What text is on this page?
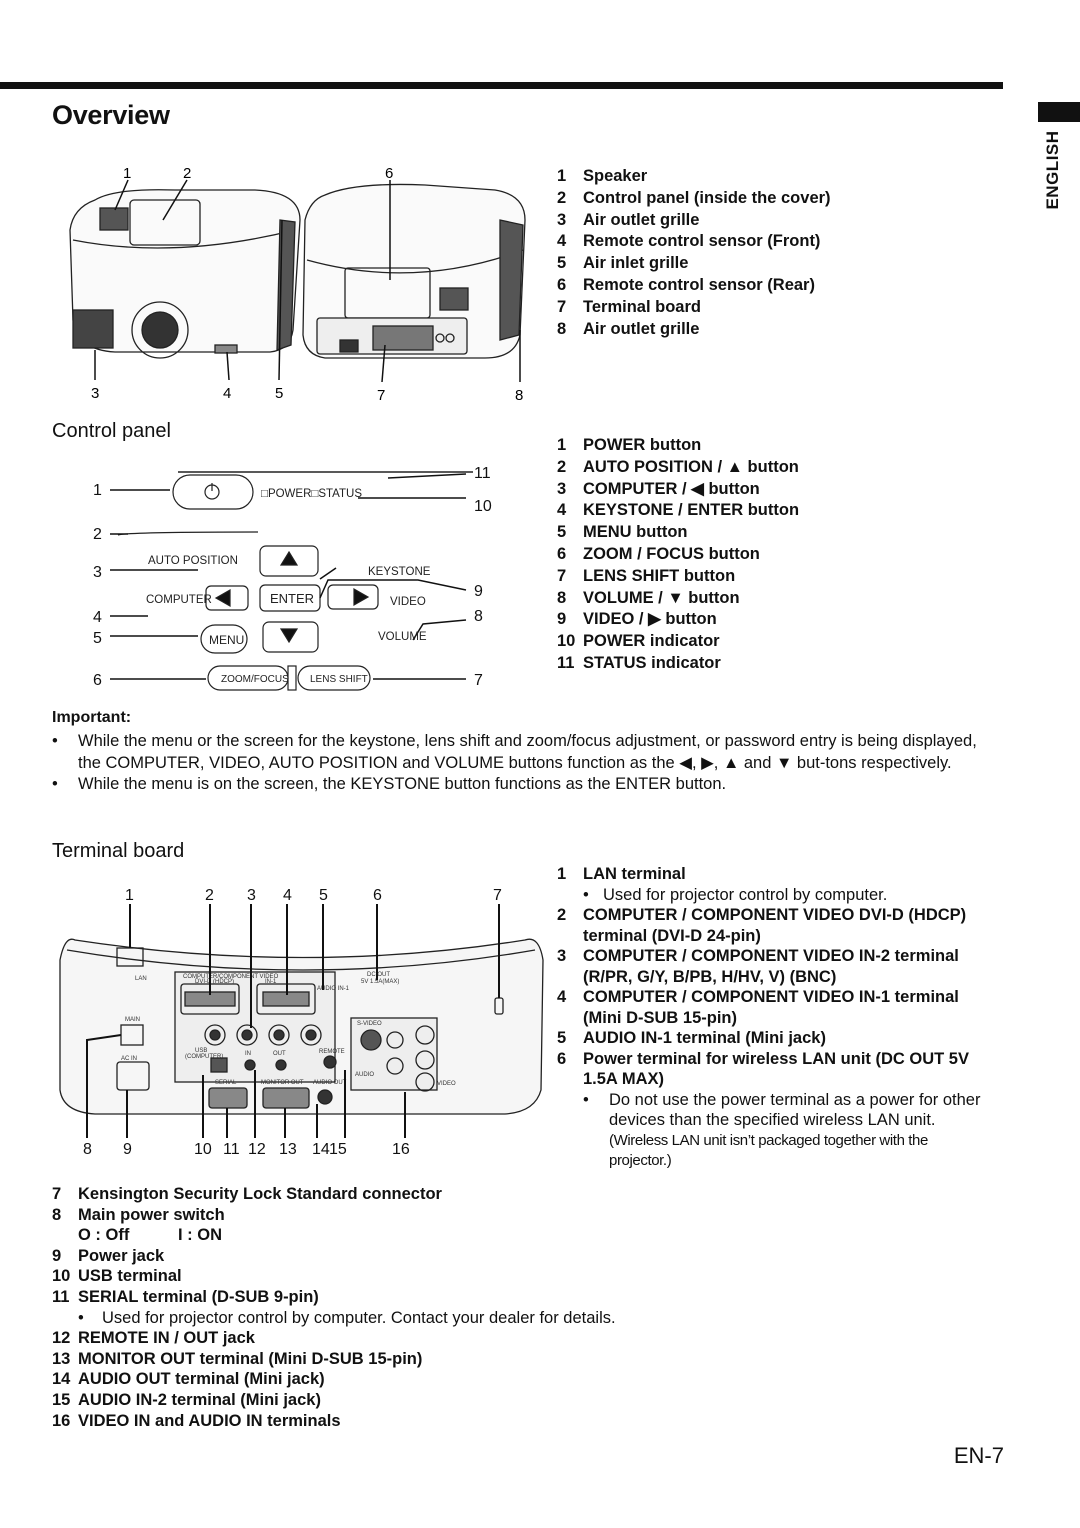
ENGLISH
Overview
1	2	6
3	4	5	7	8
1	Speaker
2	Control panel (inside the cover)
3	Air outlet grille
4	Remote control sensor (Front)
5	Air inlet grille
6	Remote control sensor (Rear)
7	Terminal board
8	Air outlet grille
Control panel
□POWER□STATUS
AUTO POSITION
KEYSTONE
COMPUTER	ENTER	VIDEO
MENU	VOLUME
ZOOM/FOCUS LENS SHIFT
1
2
3
4
5
6	7
8
9
10
11
1	POWER button
2	AUTO POSITION / ▲ button
3	COMPUTER / ◀ button
4	KEYSTONE / ENTER button
5	MENU button
6	ZOOM / FOCUS button
7	LENS SHIFT button
8	VOLUME / ▼ button
9	VIDEO / ▶ button
10 POWER indicator
11 STATUS indicator
Important:
•	While the menu or the screen for the keystone, lens shift and zoom/focus adjustment, or password entry is being displayed, the COMPUTER, VIDEO, AUTO POSITION and VOLUME buttons function as the ◀, ▶, ▲ and ▼ but-tons respectively.
•	While the menu is on the screen, the KEYSTONE button functions as the ENTER button.
Terminal board
1	2 3 4 5	6	7
8 9	10 11 12 13 14 15	16
LAN
MAIN
AC IN
COMPUTER/COMPONENT VIDEO
DVI-D (HDCP)	IN-1
AUDIO IN-1
DC OUT
5V 1.5A(MAX)
USB
(COMPUTER)	IN	OUT	REMOTE
SERIAL	MONITOR OUT AUDIO OUT
AUDIO
S-VIDEO
VIDEO
1	LAN terminal
• Used for projector control by computer.
2	COMPUTER / COMPONENT VIDEO DVI-D (HDCP) terminal (DVI-D 24-pin)
3	COMPUTER / COMPONENT VIDEO IN-2 terminal (R/PR, G/Y, B/PB, H/HV, V) (BNC)
4	COMPUTER / COMPONENT VIDEO IN-1 terminal (Mini D-SUB 15-pin)
5	AUDIO IN-1 terminal (Mini jack)
6	Power terminal for wireless LAN unit (DC OUT 5V 1.5A MAX)
•	Do not use the power terminal as a power for other devices than the specified wireless LAN unit.
(Wireless LAN unit isn’t packaged together with the projector.)
7	Kensington Security Lock Standard connector
8	Main power switch
O : Off	I : ON
9	Power jack
10 USB terminal
11 SERIAL terminal (D-SUB 9-pin)
•	Used for projector control by computer. Contact your dealer for details.
12 REMOTE IN / OUT jack
13 MONITOR OUT terminal (Mini D-SUB 15-pin)
14 AUDIO OUT terminal (Mini jack)
15 AUDIO IN-2 terminal (Mini jack)
16 VIDEO IN and AUDIO IN terminals
EN-7
